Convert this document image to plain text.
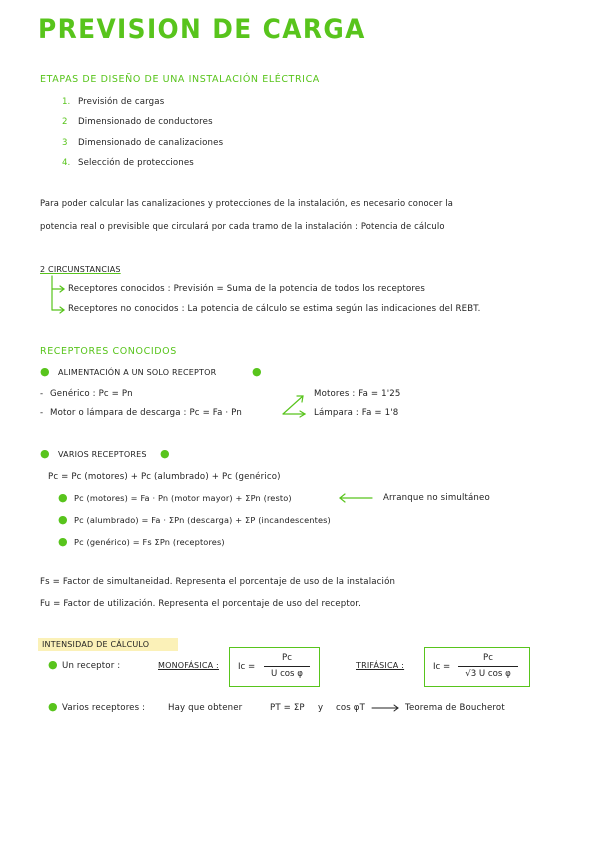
PREVISION DE CARGA
ETAPAS DE DISEÑO DE UNA INSTALACIÓN ELÉCTRICA
1. Previsión de cargas
2 Dimensionado de conductores
3 Dimensionado de canalizaciones
4. Selección de protecciones
Para poder calcular las canalizaciones y protecciones de la instalación, es necesario conocer la
potencia real o previsible que circulará por cada tramo de la instalación : Potencia de cálculo
2 CIRCUNSTANCIAS
Receptores conocidos : Previsión = Suma de la potencia de todos los receptores
Receptores no conocidos : La potencia de cálculo se estima según las indicaciones del REBT.
RECEPTORES CONOCIDOS
● ALIMENTACIÓN A UN SOLO RECEPTOR	●
- Genérico : Pc = Pn
- Motor o lámpara de descarga : Pc = Fa · Pn
Motores : Fa = 1'25
Lámpara : Fa = 1'8
● VARIOS RECEPTORES ●
Pc = Pc (motores) + Pc (alumbrado) + Pc (genérico)
● Pc (motores) = Fa · Pn (motor mayor) + ΣPn (resto)	Arranque no simultáneo
● Pc (alumbrado) = Fa · ΣPn (descarga) + ΣP (incandescentes)
● Pc (genérico) = Fs ΣPn (receptores)
Fs = Factor de simultaneidad. Representa el porcentaje de uso de la instalación
Fu = Factor de utilización. Representa el porcentaje de uso del receptor.
INTENSIDAD DE CÁLCULO
● Un receptor :	MONOFÁSICA : Ic =
Pc
U cos φ
TRIFÁSICA :	Ic =
Pc
√3 U cos φ
● Varios receptores :	Hay que obtener	PT = ΣP y cos φT	Teorema de Boucherot
